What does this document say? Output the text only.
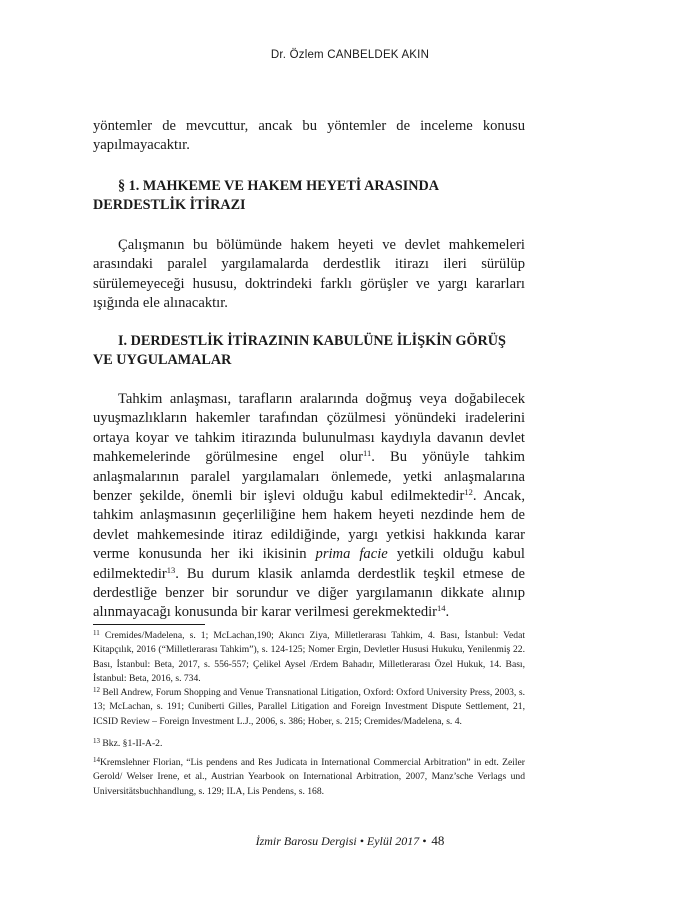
Dr. Özlem CANBELDEK AKIN

yöntemler de mevcuttur, ancak bu yöntemler de inceleme konusu yapılmayacaktır.

§ 1. MAHKEME VE HAKEM HEYETİ ARASINDA DERDESTLİK İTİRAZI

Çalışmanın bu bölümünde hakem heyeti ve devlet mahkemeleri arasındaki paralel yargılamalarda derdestlik itirazı ileri sürülüp sürülemeyeceği hususu, doktrindeki farklı görüşler ve yargı kararları ışığında ele alınacaktır.

I. DERDESTLİK İTİRAZININ KABULÜNE İLİŞKİN GÖRÜŞ VE UYGULAMALAR

Tahkim anlaşması, tarafların aralarında doğmuş veya doğabilecek uyuşmazlıkların hakemler tarafından çözülmesi yönündeki iradelerini ortaya koyar ve tahkim itirazında bulunulması kaydıyla davanın devlet mahkemelerinde görülmesine engel olur$^{11}$. Bu yönüyle tahkim anlaşmalarının paralel yargılamaları önlemede, yetki anlaşmalarına benzer şekilde, önemli bir işlevi olduğu kabul edilmektedir$^{12}$. Ancak, tahkim anlaşmasının geçerliliğine hem hakem heyeti nezdinde hem de devlet mahkemesinde itiraz edildiğinde, yargı yetkisi hakkında karar verme konusunda her iki ikisinin prima facie yetkili olduğu kabul edilmektedir$^{13}$. Bu durum klasik anlamda derdestlik teşkil etmese de derdestliğe benzer bir sorundur ve diğer yargılamanın dikkate alınıp alınmayacağı konusunda bir karar verilmesi gerekmektedir$^{14}$.

$^{11}$ Cremides/Madelena, s. 1; McLachan,190; Akıncı Ziya, Milletlerarası Tahkim, 4. Bası, İstanbul: Vedat Kitapçılık, 2016 (“Milletlerarası Tahkim”), s. 124-125; Nomer Ergin, Devletler Hususi Hukuku, Yenilenmiş 22. Bası, İstanbul: Beta, 2017, s. 556-557; Çelikel Aysel /Erdem Bahadır, Milletlerarası Özel Hukuk, 14. Bası, İstanbul: Beta, 2016, s. 734.

$^{12}$ Bell Andrew, Forum Shopping and Venue Transnational Litigation, Oxford: Oxford University Press, 2003, s. 13; McLachan, s. 191; Cuniberti Gilles, Parallel Litigation and Foreign Investment Dispute Settlement, 21, ICSID Review – Foreign Investment L.J., 2006, s. 386; Hober, s. 215; Cremides/Madelena, s. 4.

$^{13}$ Bkz. §1-II-A-2.

$^{14}$Kremslehner Florian, “Lis pendens and Res Judicata in International Commercial Arbitration” in edt. Zeiler Gerold/ Welser Irene, et al., Austrian Yearbook on International Arbitration, 2007, Manz’sche Verlags und Universitätsbuchhandlung, s. 129; ILA, Lis Pendens, s. 168.

İzmir Barosu Dergisi • Eylül 2017 • 48
